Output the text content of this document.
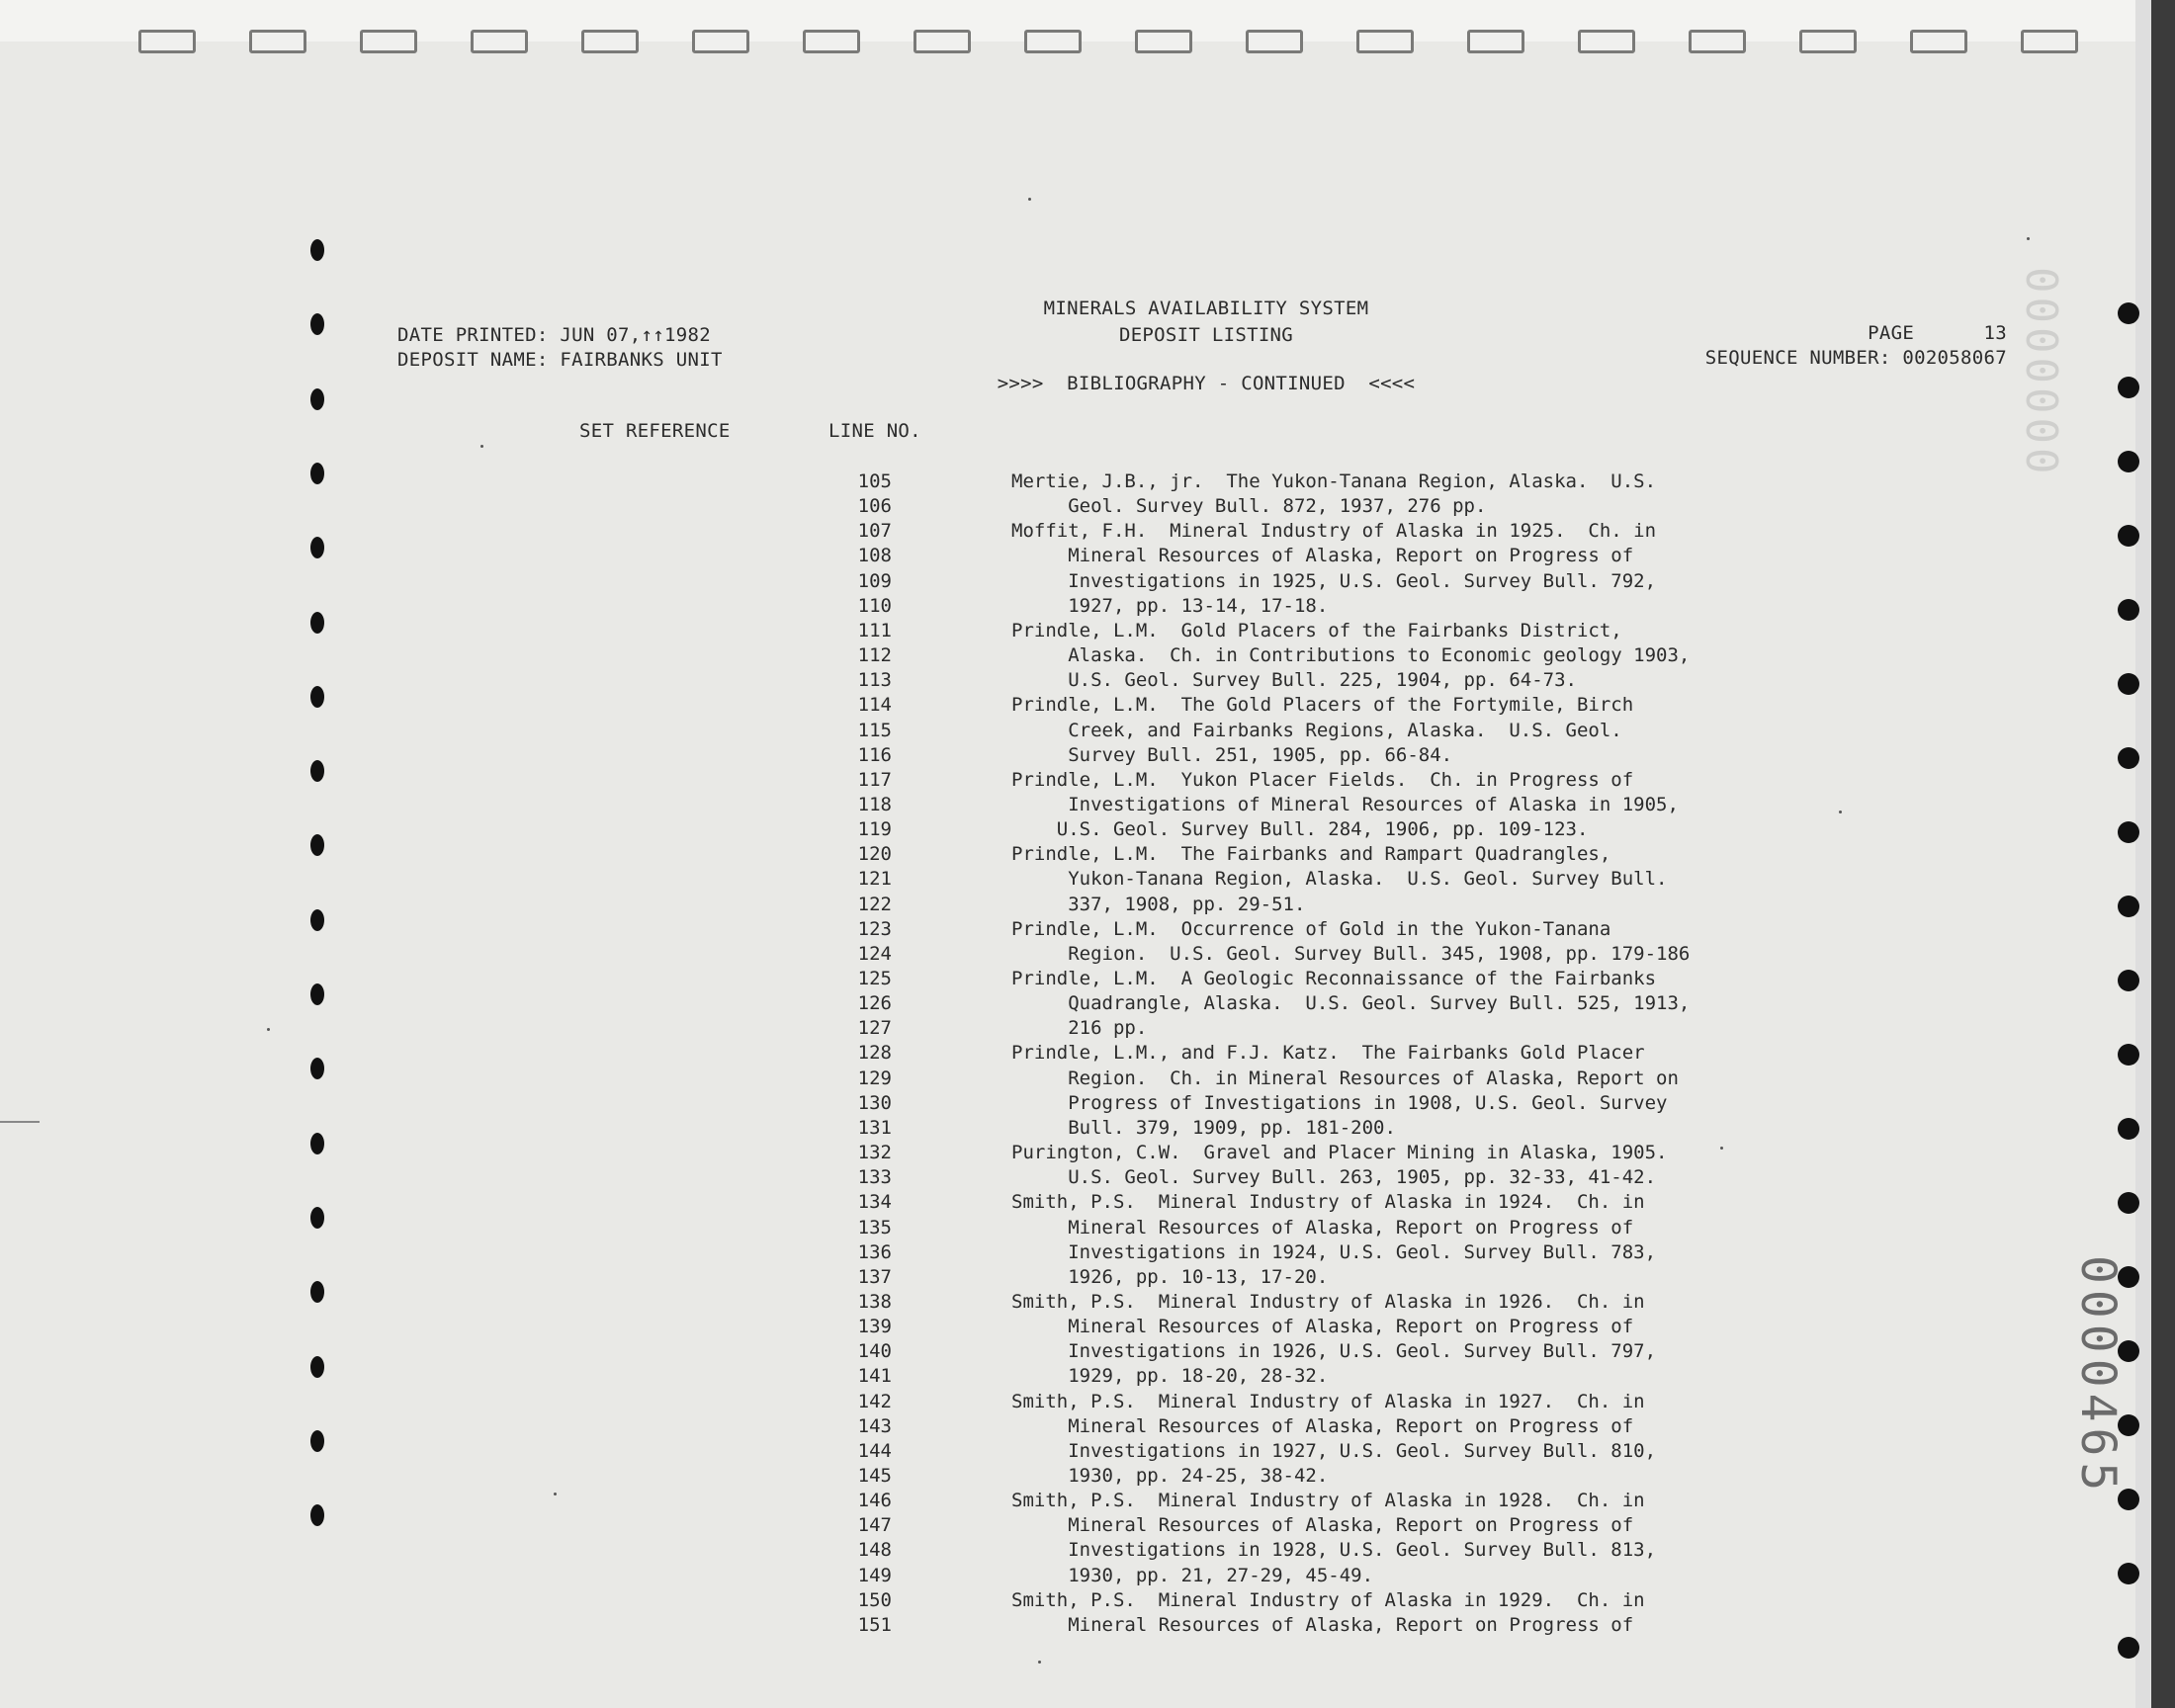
MINERALS AVAILABILITY SYSTEM
DEPOSIT LISTING
DATE PRINTED: JUN 07,↑↑1982
DEPOSIT NAME: FAIRBANKS UNIT
PAGE      13
SEQUENCE NUMBER: 002058067
>>>>  BIBLIOGRAPHY - CONTINUED  <<<<
SET REFERENCE	LINE NO.
105	Mertie, J.B., jr.  The Yukon-Tanana Region, Alaska.  U.S.
106	Geol. Survey Bull. 872, 1937, 276 pp.
107	Moffit, F.H.  Mineral Industry of Alaska in 1925.  Ch. in
108	Mineral Resources of Alaska, Report on Progress of
109	Investigations in 1925, U.S. Geol. Survey Bull. 792,
110	1927, pp. 13-14, 17-18.
111	Prindle, L.M.  Gold Placers of the Fairbanks District,
112	Alaska.  Ch. in Contributions to Economic geology 1903,
113	U.S. Geol. Survey Bull. 225, 1904, pp. 64-73.
114	Prindle, L.M.  The Gold Placers of the Fortymile, Birch
115	Creek, and Fairbanks Regions, Alaska.  U.S. Geol.
116	Survey Bull. 251, 1905, pp. 66-84.
117	Prindle, L.M.  Yukon Placer Fields.  Ch. in Progress of
118	Investigations of Mineral Resources of Alaska in 1905,
119	U.S. Geol. Survey Bull. 284, 1906, pp. 109-123.
120	Prindle, L.M.  The Fairbanks and Rampart Quadrangles,
121	Yukon-Tanana Region, Alaska.  U.S. Geol. Survey Bull.
122	337, 1908, pp. 29-51.
123	Prindle, L.M.  Occurrence of Gold in the Yukon-Tanana
124	Region.  U.S. Geol. Survey Bull. 345, 1908, pp. 179-186
125	Prindle, L.M.  A Geologic Reconnaissance of the Fairbanks
126	Quadrangle, Alaska.  U.S. Geol. Survey Bull. 525, 1913,
127	216 pp.
128	Prindle, L.M., and F.J. Katz.  The Fairbanks Gold Placer
129	Region.  Ch. in Mineral Resources of Alaska, Report on
130	Progress of Investigations in 1908, U.S. Geol. Survey
131	Bull. 379, 1909, pp. 181-200.
132	Purington, C.W.  Gravel and Placer Mining in Alaska, 1905.
133	U.S. Geol. Survey Bull. 263, 1905, pp. 32-33, 41-42.
134	Smith, P.S.  Mineral Industry of Alaska in 1924.  Ch. in
135	Mineral Resources of Alaska, Report on Progress of
136	Investigations in 1924, U.S. Geol. Survey Bull. 783,
137	1926, pp. 10-13, 17-20.
138	Smith, P.S.  Mineral Industry of Alaska in 1926.  Ch. in
139	Mineral Resources of Alaska, Report on Progress of
140	Investigations in 1926, U.S. Geol. Survey Bull. 797,
141	1929, pp. 18-20, 28-32.
142	Smith, P.S.  Mineral Industry of Alaska in 1927.  Ch. in
143	Mineral Resources of Alaska, Report on Progress of
144	Investigations in 1927, U.S. Geol. Survey Bull. 810,
145	1930, pp. 24-25, 38-42.
146	Smith, P.S.  Mineral Industry of Alaska in 1928.  Ch. in
147	Mineral Resources of Alaska, Report on Progress of
148	Investigations in 1928, U.S. Geol. Survey Bull. 813,
149	1930, pp. 21, 27-29, 45-49.
150	Smith, P.S.  Mineral Industry of Alaska in 1929.  Ch. in
151	Mineral Resources of Alaska, Report on Progress of
0000000
0000465
